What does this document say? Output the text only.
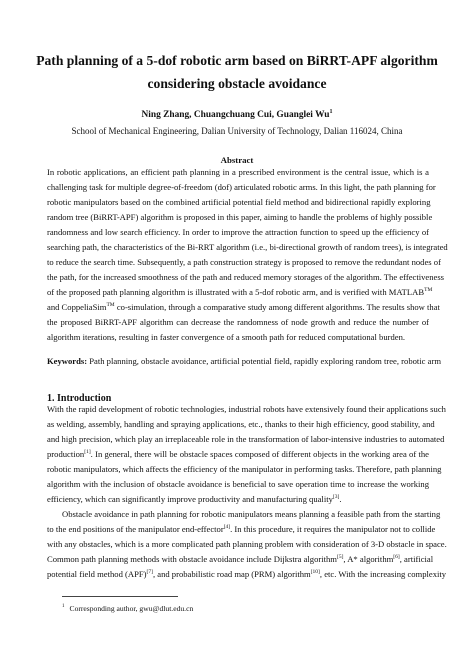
Path planning of a 5-dof robotic arm based on BiRRT-APF algorithm
considering obstacle avoidance
Ning Zhang, Chuangchuang Cui, Guanglei Wu$^1$
School of Mechanical Engineering, Dalian University of Technology, Dalian 116024, China
Abstract
In robotic applications, an efficient path planning in a prescribed environment is the central issue, which is a
challenging task for multiple degree-of-freedom (dof) articulated robotic arms. In this light, the path planning for
robotic manipulators based on the combined artificial potential field method and bidirectional rapidly exploring
random tree (BiRRT-APF) algorithm is proposed in this paper, aiming to handle the problems of highly possible
randomness and low search efficiency. In order to improve the attraction function to speed up the efficiency of
searching path, the characteristics of the Bi-RRT algorithm (i.e., bi-directional growth of random trees), is integrated
to reduce the search time. Subsequently, a path construction strategy is proposed to remove the redundant nodes of
the path, for the increased smoothness of the path and reduced memory storages of the algorithm. The effectiveness
of the proposed path planning algorithm is illustrated with a 5-dof robotic arm, and is verified with MATLAB™
and CoppeliaSim™ co-simulation, through a comparative study among different algorithms. The results show that
the proposed BiRRT-APF algorithm can decrease the randomness of node growth and reduce the number of
algorithm iterations, resulting in faster convergence of a smooth path for reduced computational burden.
Keywords: Path planning, obstacle avoidance, artificial potential field, rapidly exploring random tree, robotic arm
1. Introduction
With the rapid development of robotic technologies, industrial robots have extensively found their applications such
as welding, assembly, handling and spraying applications, etc., thanks to their high efficiency, good stability, and
and high precision, which play an irreplaceable role in the transformation of labor-intensive industries to automated
production[1]. In general, there will be obstacle spaces composed of different objects in the working area of the
robotic manipulators, which affects the efficiency of the manipulator in performing tasks. Therefore, path planning
algorithm with the inclusion of obstacle avoidance is beneficial to save operation time to increase the working
efficiency, which can significantly improve productivity and manufacturing quality[3].
Obstacle avoidance in path planning for robotic manipulators means planning a feasible path from the starting
to the end positions of the manipulator end-effector[4]. In this procedure, it requires the manipulator not to collide
with any obstacles, which is a more complicated path planning problem with consideration of 3-D obstacle in space.
Common path planning methods with obstacle avoidance include Dijkstra algorithm[5], A* algorithm[6], artificial
potential field method (APF)[7], and probabilistic road map (PRM) algorithm[10], etc. With the increasing complexity
$^1$ Corresponding author, gwu@dlut.edu.cn
